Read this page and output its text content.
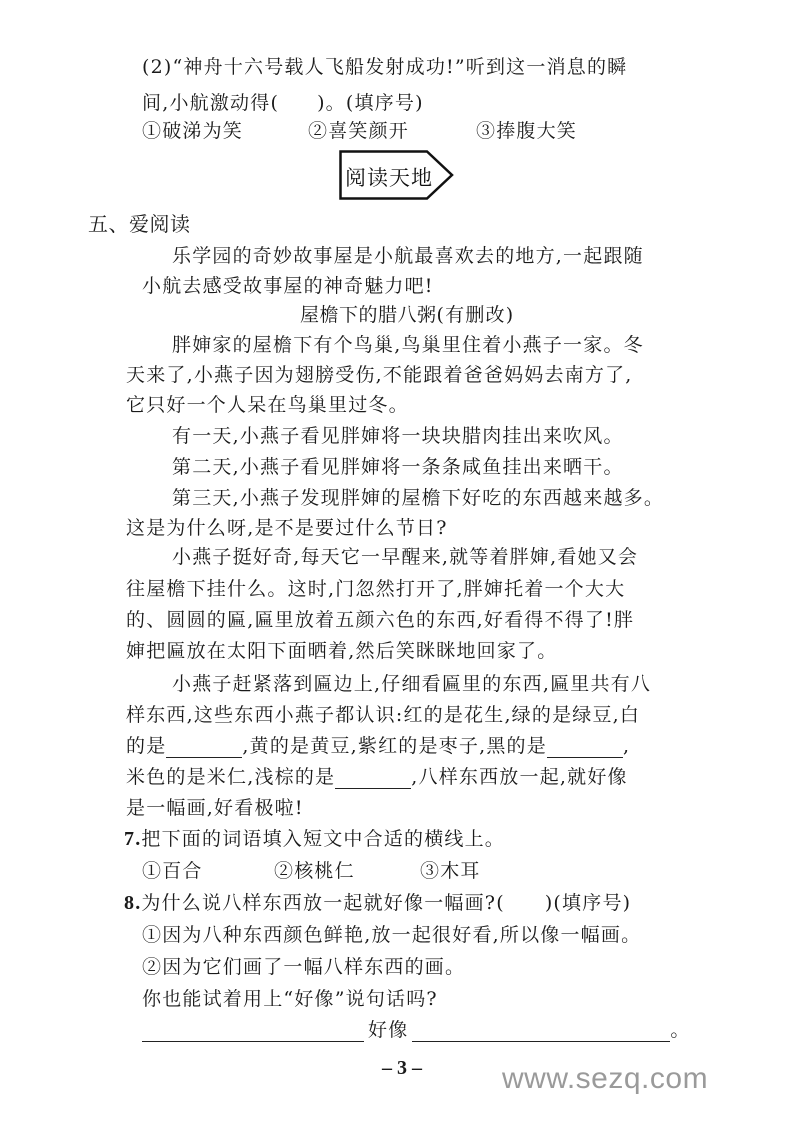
(2)“神舟十六号载人飞船发射成功!”听到这一消息的瞬
间,小航激动得( )。(填序号)
①破涕为笑	②喜笑颜开	③捧腹大笑
阅读天地
五、爱阅读
乐学园的奇妙故事屋是小航最喜欢去的地方,一起跟随
小航去感受故事屋的神奇魅力吧!
屋檐下的腊八粥(有删改)
胖婶家的屋檐下有个鸟巢,鸟巢里住着小燕子一家。冬
天来了,小燕子因为翅膀受伤,不能跟着爸爸妈妈去南方了,
它只好一个人呆在鸟巢里过冬。
有一天,小燕子看见胖婶将一块块腊肉挂出来吹风。
第二天,小燕子看见胖婶将一条条咸鱼挂出来晒干。
第三天,小燕子发现胖婶的屋檐下好吃的东西越来越多。
这是为什么呀,是不是要过什么节日?
小燕子挺好奇,每天它一早醒来,就等着胖婶,看她又会
往屋檐下挂什么。这时,门忽然打开了,胖婶托着一个大大
的、圆圆的匾,匾里放着五颜六色的东西,好看得不得了!胖
婶把匾放在太阳下面晒着,然后笑眯眯地回家了。
小燕子赶紧落到匾边上,仔细看匾里的东西,匾里共有八
样东西,这些东西小燕子都认识:红的是花生,绿的是绿豆,白
的是	,黄的是黄豆,紫红的是枣子,黑的是	,
米色的是米仁,浅棕的是	,八样东西放一起,就好像
是一幅画,好看极啦!
7.把下面的词语填入短文中合适的横线上。
①百合	②核桃仁	③木耳
8.为什么说八样东西放一起就好像一幅画?( )(填序号)
①因为八种东西颜色鲜艳,放一起很好看,所以像一幅画。
②因为它们画了一幅八样东西的画。
你也能试着用上“好像”说句话吗?
好像	。
– 3 –	www.sezq.com
